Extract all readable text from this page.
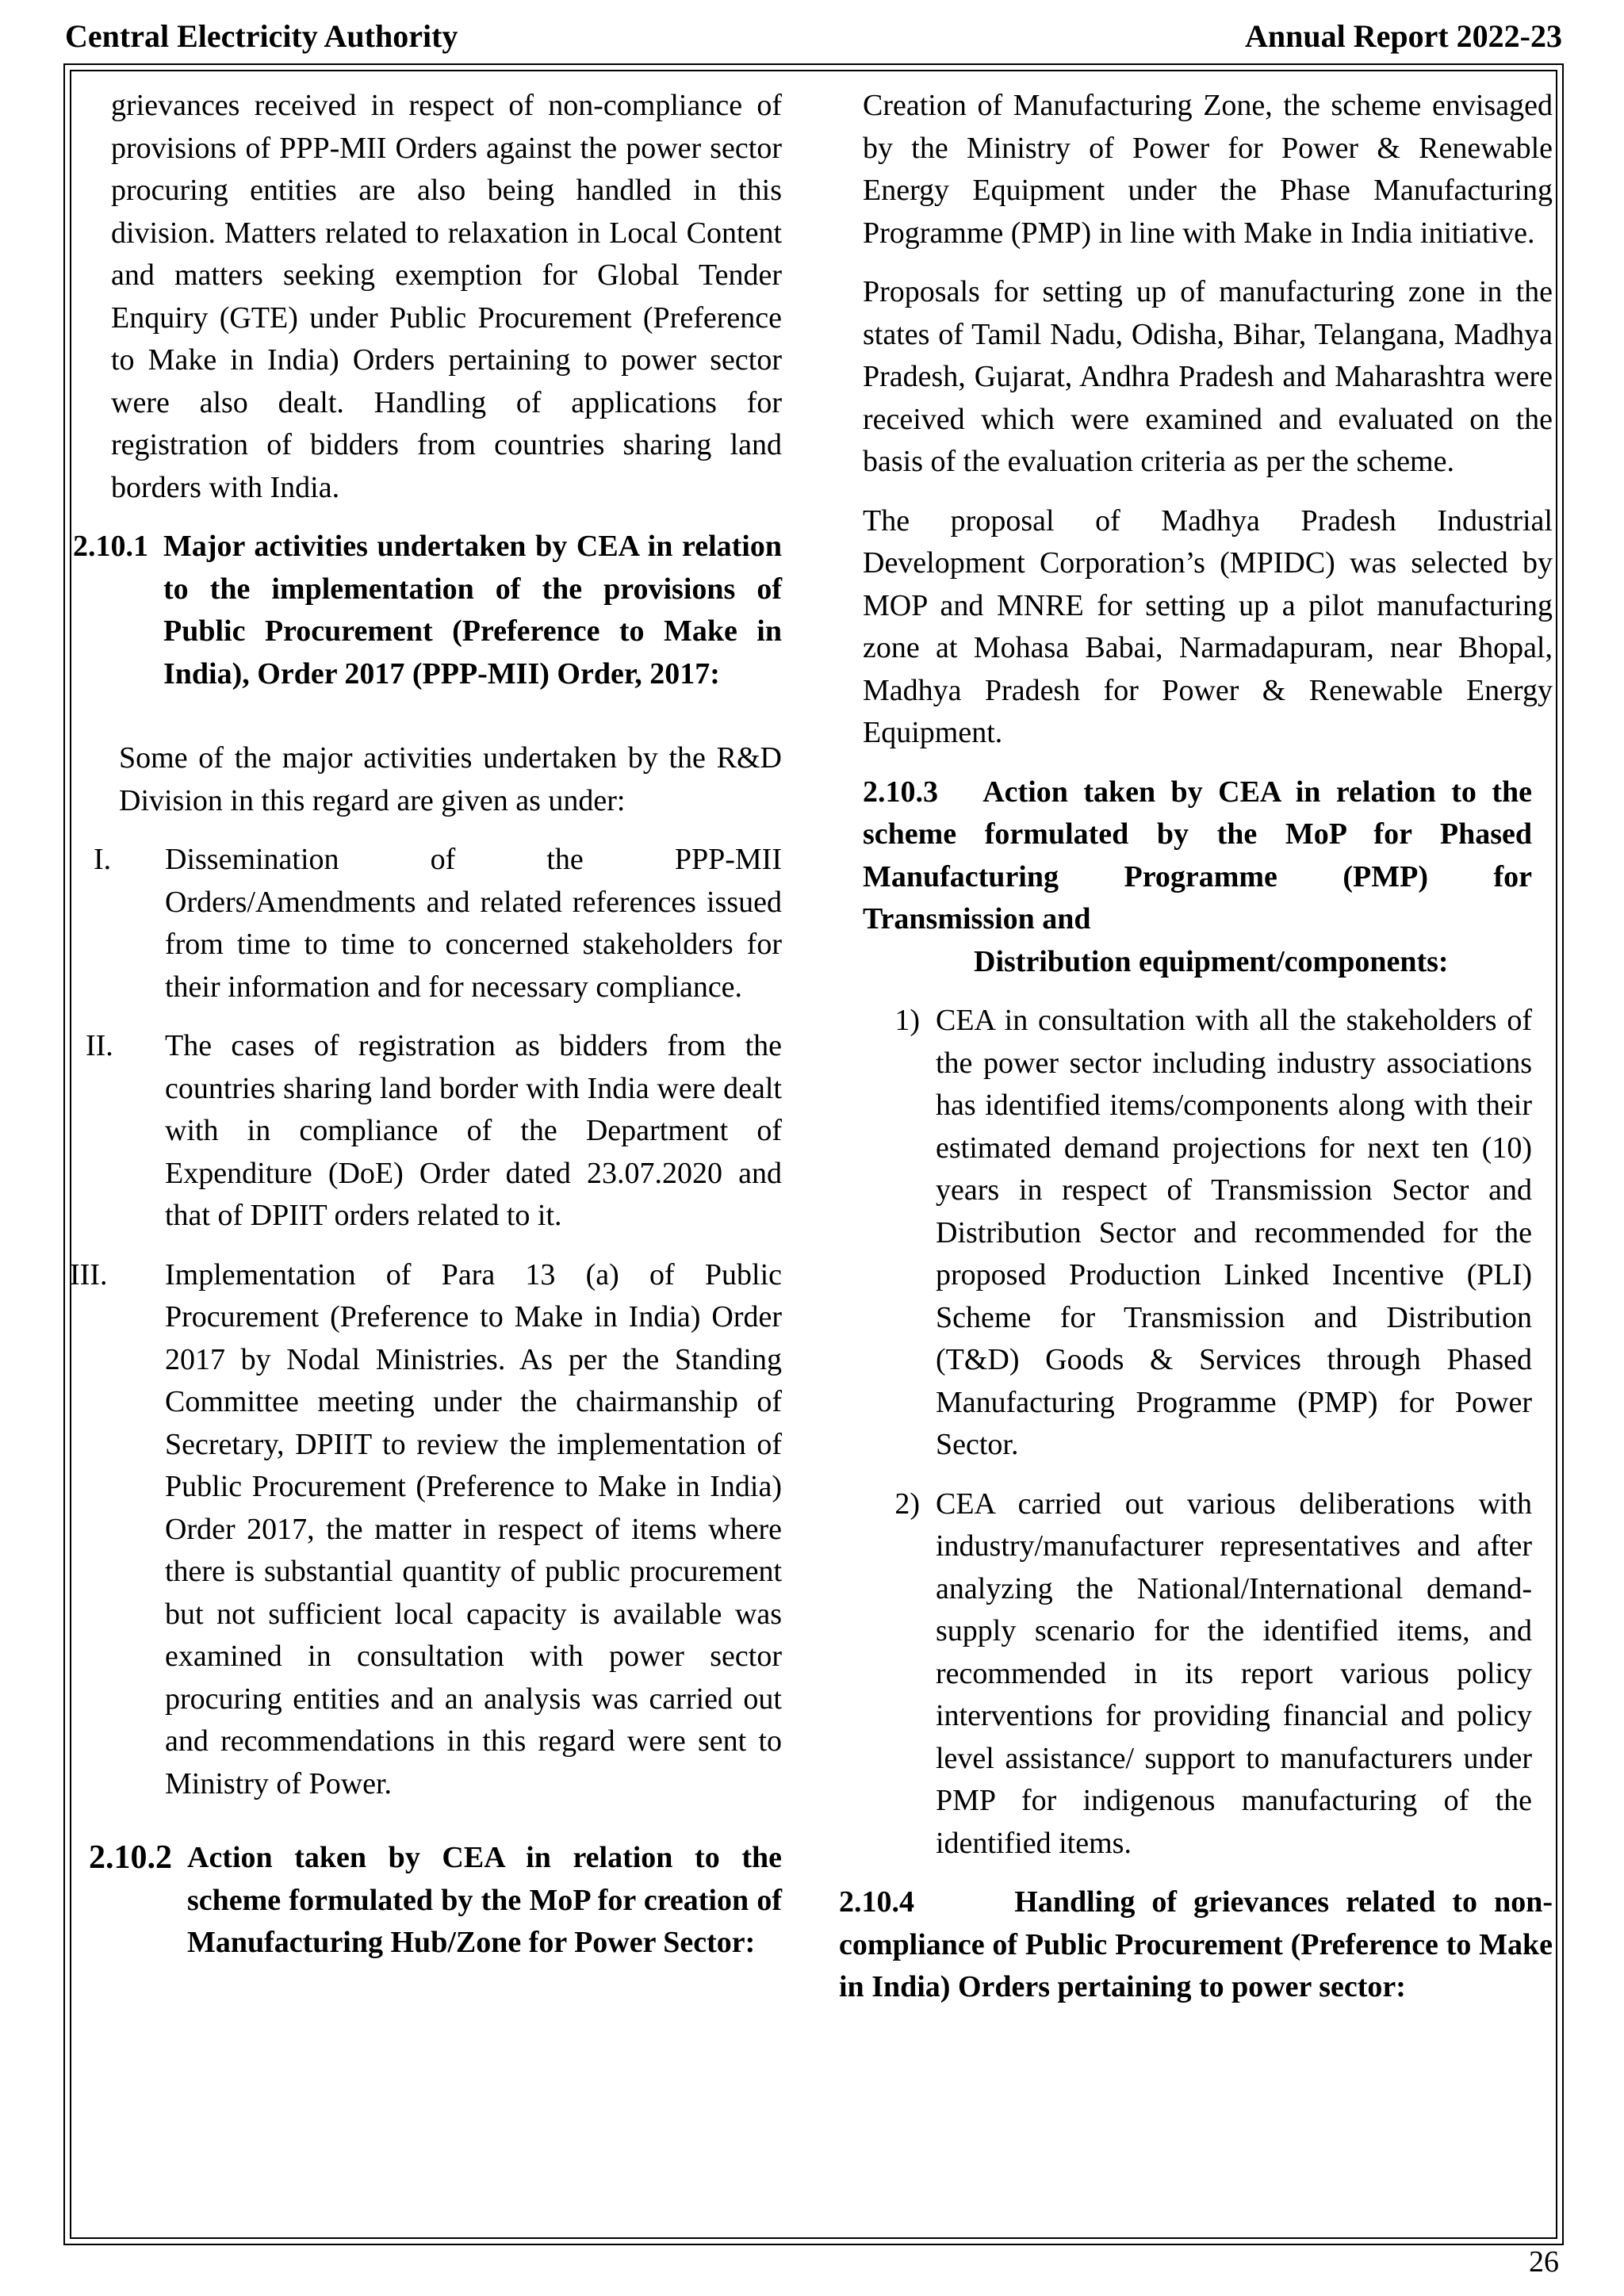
Central Electricity Authority	Annual Report 2022-23

grievances received in respect of non-compliance of provisions of PPP-MII Orders against the power sector procuring entities are also being handled in this division. Matters related to relaxation in Local Content and matters seeking exemption for Global Tender Enquiry (GTE) under Public Procurement (Preference to Make in India) Orders pertaining to power sector were also dealt. Handling of applications for registration of bidders from countries sharing land borders with India.

2.10.1 Major activities undertaken by CEA in relation to the implementation of the provisions of Public Procurement (Preference to Make in India), Order 2017 (PPP-MII) Order, 2017:

Some of the major activities undertaken by the R&D Division in this regard are given as under:

I.	Dissemination of the PPP-MII Orders/Amendments and related references issued from time to time to concerned stakeholders for their information and for necessary compliance.
II.	The cases of registration as bidders from the countries sharing land border with India were dealt with in compliance of the Department of Expenditure (DoE) Order dated 23.07.2020 and that of DPIIT orders related to it.
III.	Implementation of Para 13 (a) of Public Procurement (Preference to Make in India) Order 2017 by Nodal Ministries. As per the Standing Committee meeting under the chairmanship of Secretary, DPIIT to review the implementation of Public Procurement (Preference to Make in India) Order 2017, the matter in respect of items where there is substantial quantity of public procurement but not sufficient local capacity is available was examined in consultation with power sector procuring entities and an analysis was carried out and recommendations in this regard were sent to Ministry of Power.
2.10.2 Action taken by CEA in relation to the scheme formulated by the MoP for creation of Manufacturing Hub/Zone for Power Sector:

Creation of Manufacturing Zone, the scheme envisaged by the Ministry of Power for Power & Renewable Energy Equipment under the Phase Manufacturing Programme (PMP) in line with Make in India initiative.

Proposals for setting up of manufacturing zone in the states of Tamil Nadu, Odisha, Bihar, Telangana, Madhya Pradesh, Gujarat, Andhra Pradesh and Maharashtra were received which were examined and evaluated on the basis of the evaluation criteria as per the scheme.

The proposal of Madhya Pradesh Industrial Development Corporation’s (MPIDC) was selected by MOP and MNRE for setting up a pilot manufacturing zone at Mohasa Babai, Narmadapuram, near Bhopal, Madhya Pradesh for Power & Renewable Energy Equipment.

2.10.3 Action taken by CEA in relation to the scheme formulated by the MoP for Phased Manufacturing Programme (PMP) for Transmission and
Distribution equipment/components:
1) CEA in consultation with all the stakeholders of the power sector including industry associations has identified items/components along with their estimated demand projections for next ten (10) years in respect of Transmission Sector and Distribution Sector and recommended for the proposed Production Linked Incentive (PLI) Scheme for Transmission and Distribution (T&D) Goods & Services through Phased Manufacturing Programme (PMP) for Power Sector.
2) CEA carried out various deliberations with industry/manufacturer representatives and after analyzing the National/International demand-supply scenario for the identified items, and recommended in its report various policy interventions for providing financial and policy level assistance/ support to manufacturers under PMP for indigenous manufacturing of the identified items.
2.10.4	Handling of grievances related to non-compliance of Public Procurement (Preference to Make in India) Orders pertaining to power sector:
26
